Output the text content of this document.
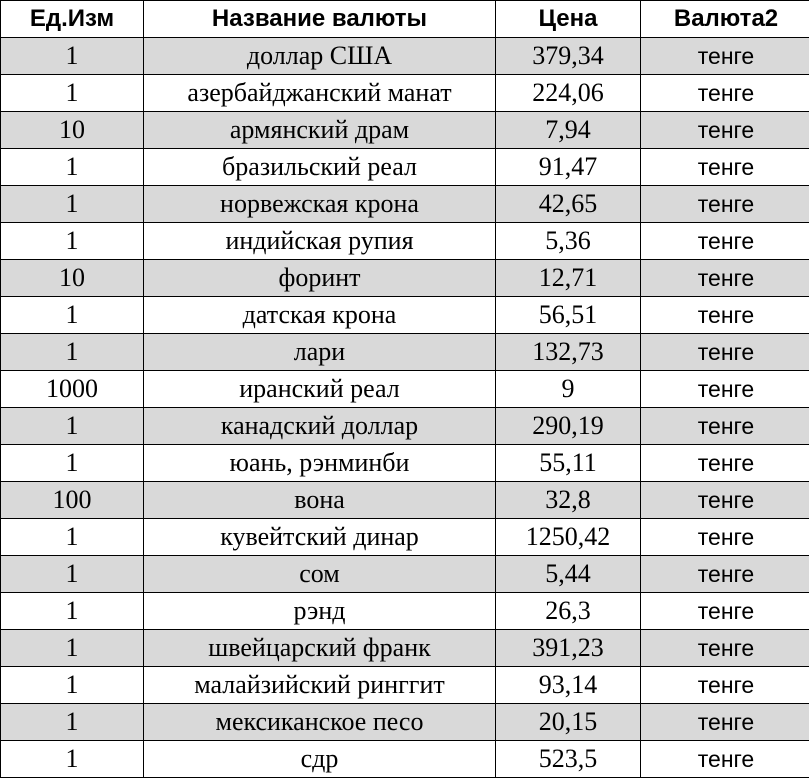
Ед.Изм	Название валюты	Цена	Валюта2
1	доллар США	379,34	тенге
1	азербайджанский манат	224,06	тенге
10	армянский драм	7,94	тенге
1	бразильский реал	91,47	тенге
1	норвежская крона	42,65	тенге
1	индийская рупия	5,36	тенге
10	форинт	12,71	тенге
1	датская крона	56,51	тенге
1	лари	132,73	тенге
1000	иранский реал	9	тенге
1	канадский доллар	290,19	тенге
1	юань, рэнминби	55,11	тенге
100	вона	32,8	тенге
1	кувейтский динар	1250,42	тенге
1	сом	5,44	тенге
1	рэнд	26,3	тенге
1	швейцарский франк	391,23	тенге
1	малайзийский ринггит	93,14	тенге
1	мексиканское песо	20,15	тенге
1	сдр	523,5	тенге
